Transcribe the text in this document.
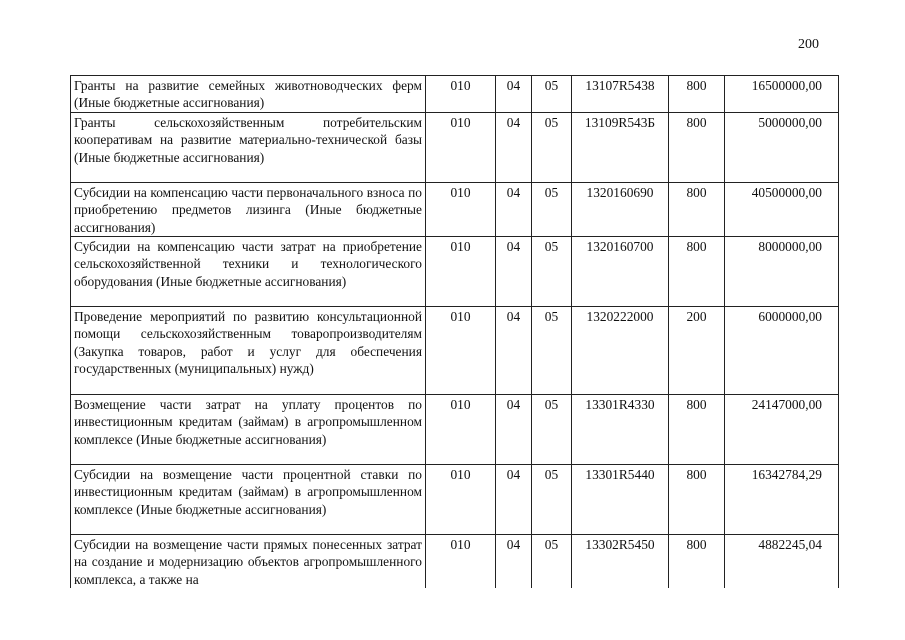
200
Гранты на развитие семейных животноводческих ферм (Иные бюджетные ассигнования)	010	04	05	13107R5438	800	16500000,00
Гранты сельскохозяйственным потребительским кооперативам на развитие материально-технической базы (Иные бюджетные ассигнования)	010	04	05	13109R543Б	800	5000000,00
Субсидии на компенсацию части первоначального взноса по приобретению предметов лизинга (Иные бюджетные ассигнования)	010	04	05	1320160690	800	40500000,00
Субсидии на компенсацию части затрат на приобретение сельскохозяйственной техники и технологического оборудования (Иные бюджетные ассигнования)	010	04	05	1320160700	800	8000000,00
Проведение мероприятий по развитию консультационной помощи сельскохозяйственным товаропроизводителям (Закупка товаров, работ и услуг для обеспечения государственных (муниципальных) нужд)	010	04	05	1320222000	200	6000000,00
Возмещение части затрат на уплату процентов по инвестиционным кредитам (займам) в агропромышленном комплексе (Иные бюджетные ассигнования)	010	04	05	13301R4330	800	24147000,00
Субсидии на возмещение части процентной ставки по инвестиционным кредитам (займам) в агропромышленном комплексе (Иные бюджетные ассигнования)	010	04	05	13301R5440	800	16342784,29
Субсидии на возмещение части прямых понесенных затрат на создание и модернизацию объектов агропромышленного комплекса, а также на	010	04	05	13302R5450	800	4882245,04
